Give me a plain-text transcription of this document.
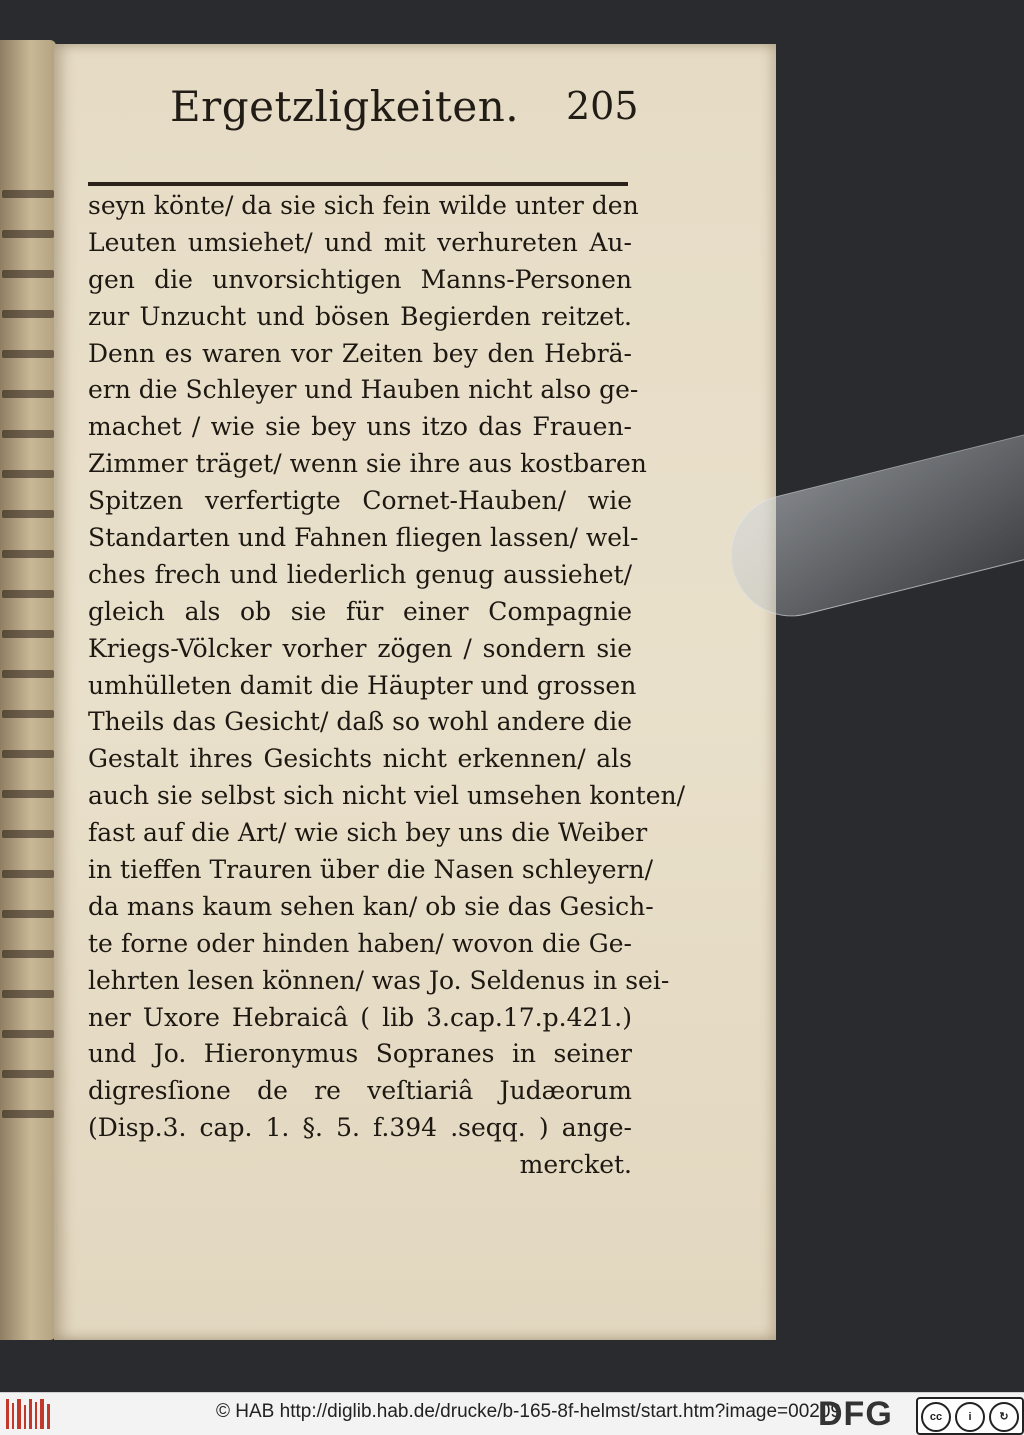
Ergetzligkeiten. 205
seyn könte/ da sie sich fein wilde unter den
Leuten umsiehet/ und mit verhureten Au-
gen die unvorsichtigen Manns-Personen
zur Unzucht und bösen Begierden reitzet.
Denn es waren vor Zeiten bey den Hebrä-
ern die Schleyer und Hauben nicht also ge-
machet / wie sie bey uns itzo das Frauen-
Zimmer träget/ wenn sie ihre aus kostbaren
Spitzen verfertigte Cornet-Hauben/ wie
Standarten und Fahnen fliegen lassen/ wel-
ches frech und liederlich genug aussiehet/
gleich als ob sie für einer Compagnie
Kriegs-Völcker vorher zögen / sondern sie
umhülleten damit die Häupter und grossen
Theils das Gesicht/ daß so wohl andere die
Gestalt ihres Gesichts nicht erkennen/ als
auch sie selbst sich nicht viel umsehen konten/
fast auf die Art/ wie sich bey uns die Weiber
in tieffen Trauren über die Nasen schleyern/
da mans kaum sehen kan/ ob sie das Gesich-
te forne oder hinden haben/ wovon die Ge-
lehrten lesen können/ was Jo. Seldenus in sei-
ner Uxore Hebraicâ ( lib 3.cap.17.p.421.)
und Jo. Hieronymus Sopranes in seiner
digresſione de re veſtiariâ Judæorum
(Disp.3. cap. 1. §. 5. f.394 .seqq. ) ange-
mercket.
© HAB http://diglib.hab.de/drucke/b-165-8f-helmst/start.htm?image=00209
DFG	cc	i	↻
